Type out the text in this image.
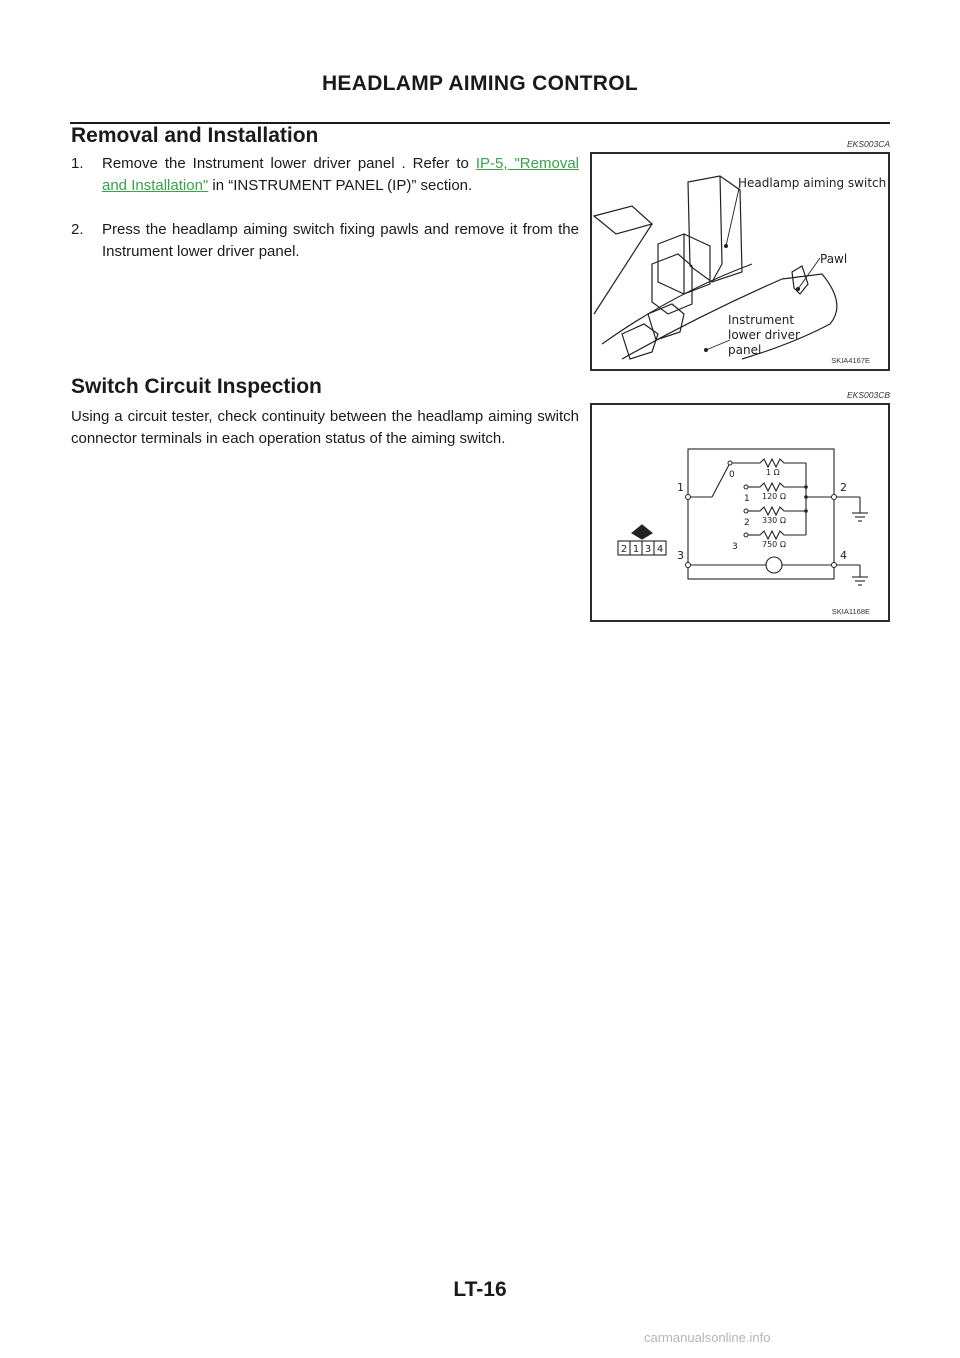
HEADLAMP AIMING CONTROL
Removal and Installation	EKS003CA
1. Remove the Instrument lower driver panel . Refer to IP-5, "Removal and Installation" in “INSTRUMENT PANEL (IP)” section.
2. Press the headlamp aiming switch fixing pawls and remove it from the Instrument lower driver panel.
Headlamp aiming switch
Pawl
Instrument
lower driver
panel
SKIA4167E
Switch Circuit Inspection	EKS003CB
Using a circuit tester, check continuity between the headlamp aiming switch connector terminals in each operation status of the aiming switch.
1	2
3	4
0
1
2
3
1 Ω
120 Ω
330 Ω
750 Ω
2 1 3 4
SKIA1168E
LT-16
carmanualsonline.info
